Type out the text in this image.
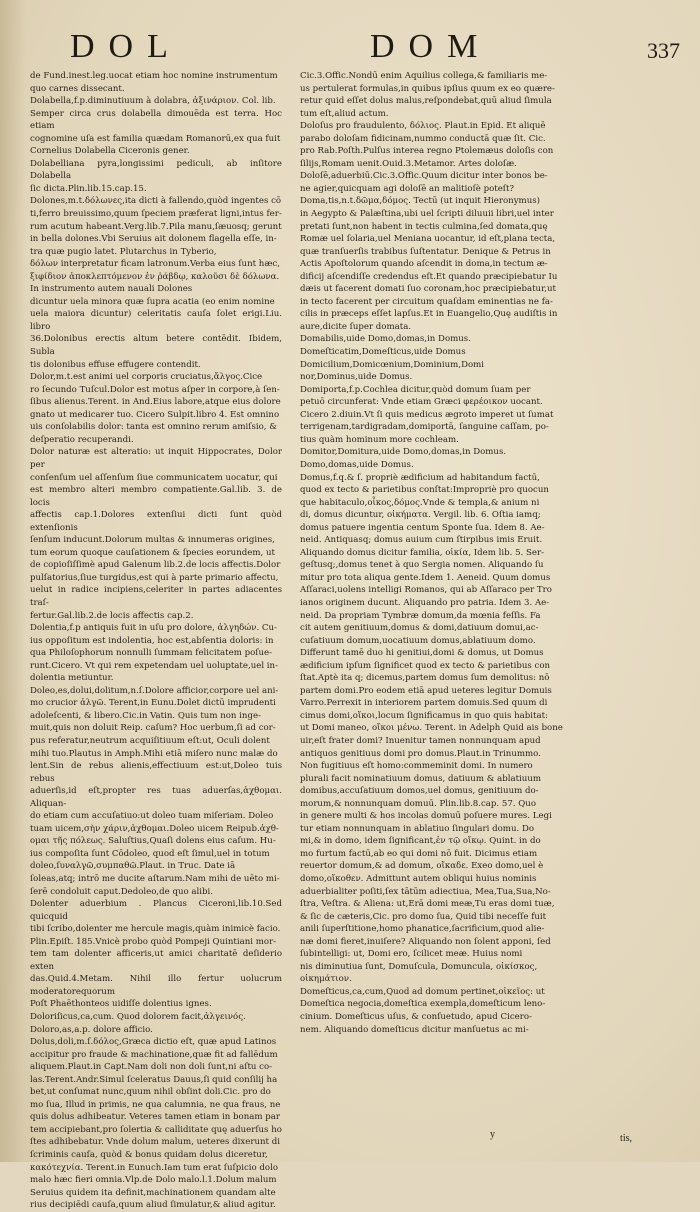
DOL	DOM	337
de Fund.inest.leg.uocat etiam hoc nomine instrumentum
quo carnes dissecant.
Dolabella,f.p.diminutiuum à dolabra, ἀξινάριον. Col. lib.
Semper circa crus dolabella dimouēda est terra. Hoc etiam
cognomine uſa est familia quædam Romanorū,ex qua fuit
Cornelius Dolabella Ciceronis gener.
Dolabelliana pyra,longissimi pediculi, ab inſitore Dolabella
ſic dicta.Plin.lib.15.cap.15.
Dolones,m.t.δόλωνες,ita dicti à fallendo,quòd ingentes cō
ti,ferro breuissimo,quum ſpeciem præferat ligni,intus fer-
rum acutum habeant.Verg.lib.7.Pila manu,ſæuosq; gerunt
in bella dolones.Vbi Seruius ait dolonem flagella eſſe, in-
tra quæ pugio latet. Plutarchus in Tyberio,
δόλων interpretatur ficam latronum.Verba eius ſunt hæc,
ξιφίδιον ἀποκλεπτόμενον ἐν ῥάβδῳ, καλοῦσι δὲ δόλωνα.
In instrumento autem nauali Dolones
dicuntur uela minora quæ ſupra acatia (eo enim nomine
uela maiora dicuntur) celeritatis cauſa ſolet erigi.Liu. libro
36.Dolonibus erectis altum betere contēdit. Ibidem, Subla
tis dolonibus effuse effugere contendit.
Dolor,m.t.est animi uel corporis cruciatus,ἄλγος.Cice
ro ſecundo Tuſcul.Dolor est motus aſper in corpore,à ſen-
ſibus alienus.Terent. in And.Eius labore,atque eius dolore
gnato ut medicarer tuo. Cicero Sulpit.libro 4. Est omnino
uis conſolabilis dolor: tanta est omnino rerum amiſsio, &
deſperatio recuperandi.
Dolor naturæ est alteratio: ut inquit Hippocrates, Dolor per
conſenſum uel aſſenſum ſiue communicatem uocatur, qui
est membro alteri membro compatiente.Gal.lib. 3. de locis
affectis cap.1.Dolores extenſiui dicti ſunt quòd extenſionis
ſenſum inducunt.Dolorum multas & innumeras origines,
tum eorum quoque cauſationem & ſpecies eorundem, ut
de copioſiſſimè apud Galenum lib.2.de locis affectis.Dolor
pulſatorius,ſiue turgidus,est qui à parte primario affectu,
uelut in radice incipiens,celeriter in partes adiacentes traſ-
fertur.Gal.lib.2.de locis affectis cap.2.
Dolentia,f.p antiquis fuit in uſu pro dolore, ἀλγηδών. Cu-
ius oppoſitum est indolentia, hoc est,abſentia doloris: in
qua Philoſophorum nonnulli ſummam felicitatem poſue-
runt.Cicero. Vt qui rem expetendam uel uoluptate,uel in-
dolentia metiuntur.
Doleo,es,dolui,dolitum,n.ſ.Dolore afficior,corpore uel ani-
mo crucior ἀλγῶ. Terent,in Eunu.Dolet dictū imprudenti
adoleſcenti, & libero.Cic.in Vatin. Quis tum non inge-
muit,quis non doluit Reip. caſum? Hoc uerbum,ſi ad cor-
pus referatur,neutrum acquiſitiuum eſt:ut, Oculi dolent
mihi tuo.Plautus in Amph.Mihi etiā miſero nunc malæ do
lent.Sin de rebus alienis,effectiuum est:ut,Doleo tuis rebus
aduerſis,id eſt,propter res tuas aduerſas,ἀχθομαι. Aliquan-
do etiam cum accuſatiuo:ut doleo tuam miſeriam. Doleo
tuam uicem,σὴν χάριν,ἀχθομαι.Doleo uicem Reipub.ἀχθ-
ομαι τῆς πόλεως. Saluſtius,Quaſi dolens eius caſum. Hu-
ius compoſita ſunt Cōdoleo, quod eſt ſimul,uel in totum
doleo,ſυναλγῶ,συμπαθῶ.Plaut. in Truc. Date iā
ſoleas,atq; intrō me ducite aſtarum.Nam mihi de uēto mi-
ſerē condoluit caput.Dedoleo,de quo alibi.
Dolenter aduerbium . Plancus Ciceroni,lib.10.Sed quicquid
tibi ſcribo,dolenter me hercule magis,quàm inimicè facio.
Plin.Epiſt. 185.Vnicè probo quòd Pompeji Quintiani mor-
tem tam dolenter afficeris,ut amici charitatē deſiderio exten
das.Quid.4.Metam. Nihil illo fertur uolucrum moderatorequorum
Poſt Phaēthonteos uidiſſe dolentius ignes.
Doloriſicus,ca,cum. Quod dolorem facit,ἀλγεινός.
Doloro,as,a.p. dolore afficio.
Dolus,doli,m.ſ.δόλος,Græca dictio eſt, quæ apud Latinos
accipitur pro fraude & machinatione,quæ fit ad fallēdum
aliquem.Plaut.in Capt.Nam doli non doli ſunt,ni aſtu co-
las.Terent.Andr.Simul ſceleratus Dauus,ſi quid conſilij ha
bet,ut conſumat nunc,quum nihil obſint doli.Cic. pro do
mo ſua, Illud in primis, ne qua calumnia, ne qua fraus, ne
quis dolus adhibeatur. Veteres tamen etiam in bonam par
tem accipiebant,pro ſolertia & calliditate quę aduerſus ho
ſtes adhibebatur. Vnde dolum malum, ueteres dixerunt di
ſcriminis cauſa, quòd & bonus quidam dolus diceretur,
κακότεχνία. Terent.in Eunuch.Iam tum erat ſuſpicio dolo
malo hæc fieri omnia.Vlp.de Dolo malo.l.1.Dolum malum
Seruius quidem ita definit,machinationem quandam alte
rius decipiēdi cauſa,quum aliud ſimulatur,& aliud agitur.
Cic.3.Offic.Nondū enim Aquilius collega,& familiaris me-
us pertulerat formulas,in quibus ipſius quum ex eo quære-
retur quid eſſet dolus malus,reſpondebat,quū aliud ſimula
tum eſt,aliud actum.
Doloſus pro fraudulento, δόλιος. Plaut.in Epid. Et aliquē
parabo doloſam fidicinam,nummo conductā quæ ſit. Cic.
pro Rab.Poſth.Pulſus interea regno Ptolemæus doloſis con
ſilijs,Romam uenit.Ouid.3.Metamor. Artes doloſæ.
Doloſē,aduerbiū.Cic.3.Offic.Quum dicitur inter bonos be-
ne agier,quicquam agi doloſē an malitioſè poteſt?
Doma,tis,n.t.δῶμα,δόμος. Tectū (ut inquit Hieronymus)
in Aegypto & Palæſtina,ubi uel ſcripti diluuii libri,uel inter
pretati ſunt,non habent in tectis culmina,ſed domata,quę
Romæ uel ſolaria,uel Meniana uocantur, id eſt,plana tecta,
quæ tranſuerſis trabibus ſuſtentatur. Denique & Petrus in
Actis Apoſtolorum quando aſcendit in doma,in tectum æ-
dificij aſcendiſſe credendus eſt.Et quando præcipiebatur Iu
dæis ut facerent domati ſuo coronam,hoc præcipiebatur,ut
in tecto facerent per circuitum quaſdam eminentias ne fa-
cilis in præceps eſſet lapſus.Et in Euangelio,Quę audiſtis in
aure,dicite ſuper domata.
Domabilis,uide Domo,domas,in Domus.
Domeſticatim,Domeſticus,uide Domus
Domicilium,Domicœnium,Dominium,Domi
nor,Dominus,uide Domus.
Domiporta,f.p.Cochlea dicitur,quòd domum ſuam per
petuō circunferat: Vnde etiam Græci φερέοικον uocant.
Cicero 2.diuin.Vt ſi quis medicus ægroto imperet ut ſumat
terrigenam,tardigradam,domiportā, ſanguine caſſam, po-
tius quàm hominum more cochleam.
Domitor,Domitura,uide Domo,domas,in Domus.
Domo,domas,uide Domus.
Domus,f.q.& ſ. propriè ædificium ad habitandum factū,
quod ex tecto & parietibus conſtat:Impropriè pro quocun
que habitaculo,οἶκος,δόμος.Vnde & templa,& anium ni
di, domus dicuntur, οἰκήματα. Vergil. lib. 6. Oſtia iamq;
domus patuere ingentia centum Sponte ſua. Idem 8. Ae-
neid. Antiquasq; domus auium cum ſtirpibus imis Eruit.
Aliquando domus dicitur familia, οἰκία, Idem lib. 5. Ser-
geſtusq;,domus tenet à quo Sergia nomen. Aliquando ſu
mitur pro tota aliqua gente.Idem 1. Aeneid. Quum domus
Aſſaraci,uolens intelligi Romanos, qui ab Aſſaraco per Tro
ianos originem ducunt. Aliquando pro patria. Idem 3. Ae-
neid. Da propriam Tymbræ domum,da mœnia feſſis. Fa
cit autem genitiuum,domus & domi,datiuum domui,ac-
cuſatiuum domum,uocatiuum domus,ablatiuum domo.
Differunt tamē duo hi genitiui,domi & domus, ut Domus
ædificium ipſum ſignificet quod ex tecto & parietibus con
ſtat.Aptè ita q; dicemus,partem domus ſum demolitus: nō
partem domi.Pro eodem etiā apud ueteres legitur Domuis
Varro.Perrexit in interiorem partem domuis.Sed quum di
cimus domi,οἴκοι,locum ſignificamus in quo quis habitat:
ut Domi maneo, οἴκοι μένω. Terent. in Adelph Quid ais bone
uir,eſt frater domi? Inuenitur tamen nonnunquam apud
antiquos genitiuus domi pro domus.Plaut.in Trinummo.
Non fugitiuus eſt homo:commeminit domi. In numero
plurali facit nominatiuum domus, datiuum & ablatiuum
domibus,accuſatiuum domos,uel domus, genitiuum do-
morum,& nonnunquam domuū. Plin.lib.8.cap. 57. Quo
in genere multi & hos incolas domuū poſuere mures. Legi
tur etiam nonnunquam in ablatiuo ſingulari domu. Do
mi,& in domo, idem ſignificant,ἐν τῷ οἴκῳ. Quint. in do
mo furtum factū,ab eo qui domi nō fuit. Dicimus etiam
reuertor domum,& ad domum, οἴκαδε. Exeo domo,uel è
domo,οἴκοθεν. Admittunt autem obliqui huius nominis
aduerbialiter poſiti,ſex tātūm adiectiua, Mea,Tua,Sua,No-
ſtra, Veſtra. & Aliena: ut,Erā domi meæ,Tu eras domi tuæ,
& ſic de cæteris,Cic. pro domo ſua, Quid tibi neceſſe fuit
anili ſuperſtitione,homo phanatice,ſacrificium,quod alie-
næ domi fieret,inuiſere? Aliquando non ſolent apponi, ſed
ſubintelligi: ut, Domi ero, ſcilicet meæ. Huius nomi
nis diminutiua ſunt, Domuſcula, Domuncula, οἰκίσκος,
οἰκημάτιον.
Domeſticus,ca,cum,Quod ad domum pertinet,οἰκεῖος: ut
Domeſtica negocia,domeſtica exempla,domeſticum leno-
cinium. Domeſticus uſus, & conſuetudo, apud Cicero-
nem. Aliquando domeſticus dicitur manſuetus ac mi-
y	tis,
